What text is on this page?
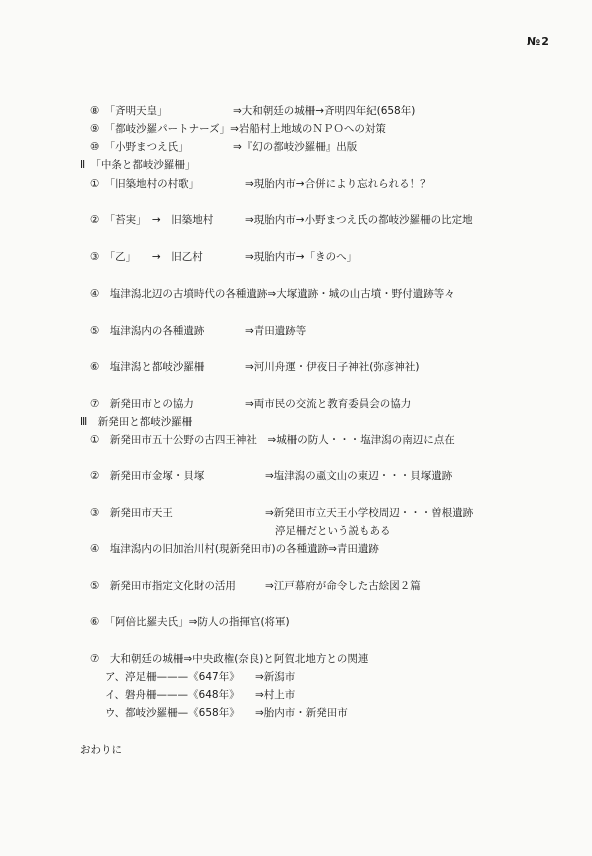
№2
⑧　「斉明天皇」	⇒大和朝廷の城柵→斉明四年紀(658年)
⑨　「都岐沙羅パートナーズ」⇒岩船村上地域のＮＰＯへの対策
⑩　「小野まつえ氏」	⇒『幻の都岐沙羅柵』出版
Ⅱ　「中条と都岐沙羅柵」
①　「旧築地村の村歌」	⇒現胎内市→合併により忘れられる！？
②　「苔実」　→　旧築地村	⇒現胎内市→小野まつえ氏の都岐沙羅柵の比定地
③　「乙」　　→　旧乙村	⇒現胎内市→「きのへ」
④　塩津潟北辺の古墳時代の各種遺跡⇒大塚遺跡・城の山古墳・野付遺跡等々
⑤　塩津潟内の各種遺跡	⇒青田遺跡等
⑥　塩津潟と都岐沙羅柵	⇒河川舟運・伊夜日子神社(弥彦神社)
⑦　新発田市との協力	⇒両市民の交流と教育委員会の協力
Ⅲ　新発田と都岐沙羅柵
①　新発田市五十公野の古四王神社　⇒城柵の防人・・・塩津潟の南辺に点在
②　新発田市金塚・貝塚	⇒塩津潟の颪文山の東辺・・・貝塚遺跡
③　新発田市天王	⇒新発田市立天王小学校周辺・・・曽根遺跡
渟足柵だという説もある
④　塩津潟内の旧加治川村(現新発田市)の各種遺跡⇒青田遺跡
⑤　新発田市指定文化財の活用	⇒江戸幕府が命令した古絵図２篇
⑥　「阿倍比羅夫氏」⇒防人の指揮官(将軍)
⑦　大和朝廷の城柵⇒中央政権(奈良)と阿賀北地方との関連
ア、渟足柵———《647年》 ⇒新潟市
イ、磐舟柵———《648年》 ⇒村上市
ウ、都岐沙羅柵—《658年》 ⇒胎内市・新発田市
おわりに
